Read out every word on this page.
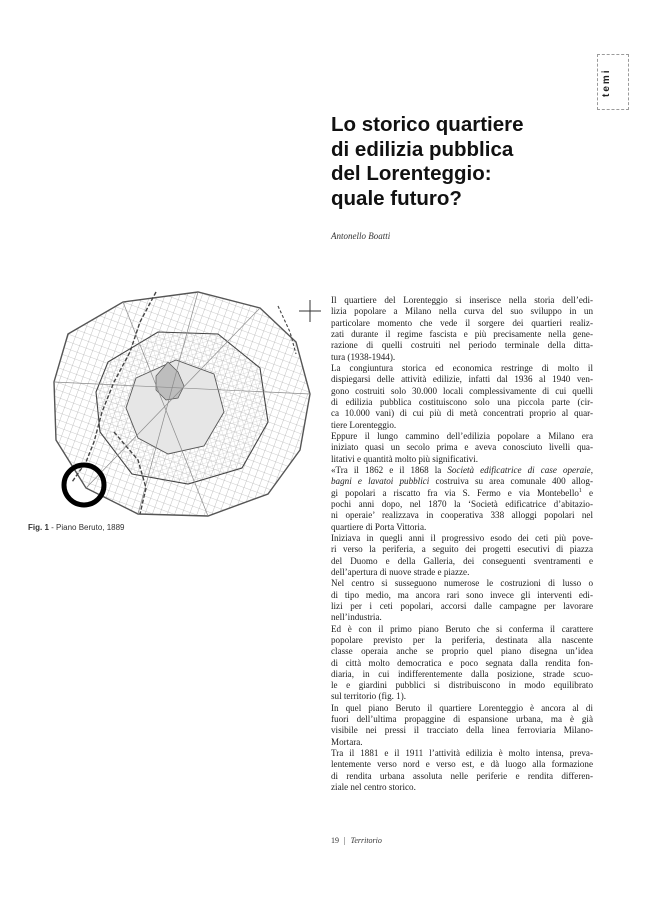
temi
Lo storico quartiere
di edilizia pubblica
del Lorenteggio:
quale futuro?
Antonello Boatti
Fig. 1 - Piano Beruto, 1889
Il quartiere del Lorenteggio si inserisce nella storia dell’edi-
lizia popolare a Milano nella curva del suo sviluppo in un
particolare momento che vede il sorgere dei quartieri realiz-
zati durante il regime fascista e più precisamente nella gene-
razione di quelli costruiti nel periodo terminale della ditta-
tura (1938-1944).
La congiuntura storica ed economica restringe di molto il
dispiegarsi delle attività edilizie, infatti dal 1936 al 1940 ven-
gono costruiti solo 30.000 locali complessivamente di cui quelli
di edilizia pubblica costituiscono solo una piccola parte (cir-
ca 10.000 vani) di cui più di metà concentrati proprio al quar-
tiere Lorenteggio.
Eppure il lungo cammino dell’edilizia popolare a Milano era
iniziato quasi un secolo prima e aveva conosciuto livelli qua-
litativi e quantità molto più significativi.
«Tra il 1862 e il 1868 la Società edificatrice di case operaie,
bagni e lavatoi pubblici costruiva su area comunale 400 allog-
gi popolari a riscatto fra via S. Fermo e via Montebello$^1$ e
pochi anni dopo, nel 1870 la ‘Società edificatrice d’abitazio-
ni operaie’ realizzava in cooperativa 338 alloggi popolari nel
quartiere di Porta Vittoria.
Iniziava in quegli anni il progressivo esodo dei ceti più pove-
ri verso la periferia, a seguito dei progetti esecutivi di piazza
del Duomo e della Galleria, dei conseguenti sventramenti e
dell’apertura di nuove strade e piazze.
Nel centro si susseguono numerose le costruzioni di lusso o
di tipo medio, ma ancora rari sono invece gli interventi edi-
lizi per i ceti popolari, accorsi dalle campagne per lavorare
nell’industria.
Ed è con il primo piano Beruto che si conferma il carattere
popolare previsto per la periferia, destinata alla nascente
classe operaia anche se proprio quel piano disegna un’idea
di città molto democratica e poco segnata dalla rendita fon-
diaria, in cui indifferentemente dalla posizione, strade scuo-
le e giardini pubblici si distribuiscono in modo equilibrato
sul territorio (fig. 1).
In quel piano Beruto il quartiere Lorenteggio è ancora al di
fuori dell’ultima propaggine di espansione urbana, ma è già
visibile nei pressi il tracciato della linea ferroviaria Milano-
Mortara.
Tra il 1881 e il 1911 l’attività edilizia è molto intensa, preva-
lentemente verso nord e verso est, e dà luogo alla formazione
di rendita urbana assoluta nelle periferie e rendita differen-
ziale nel centro storico.
19 | Territorio
